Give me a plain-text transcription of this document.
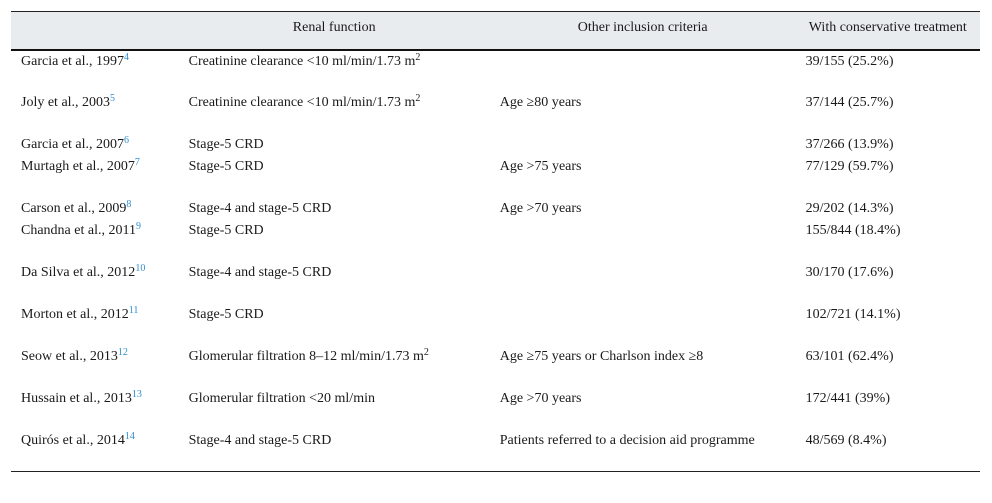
	Renal function	Other inclusion criteria	With conservative treatment
Garcia et al., 1997$^4$	Creatinine clearance <10 ml/min/1.73 $m^2$		39/155 (25.2%)
Joly et al., 2003$^5$	Creatinine clearance <10 ml/min/1.73 $m^2$	Age ≥80 years	37/144 (25.7%)
Garcia et al., 2007$^6$	Stage-5 CRD		37/266 (13.9%)
Murtagh et al., 2007$^7$	Stage-5 CRD	Age >75 years	77/129 (59.7%)
Carson et al., 2009$^8$	Stage-4 and stage-5 CRD	Age >70 years	29/202 (14.3%)
Chandna et al., 2011$^9$	Stage-5 CRD		155/844 (18.4%)
Da Silva et al., 2012$^{10}$	Stage-4 and stage-5 CRD		30/170 (17.6%)
Morton et al., 2012$^{11}$	Stage-5 CRD		102/721 (14.1%)
Seow et al., 2013$^{12}$	Glomerular filtration 8–12 ml/min/1.73 $m^2$	Age ≥75 years or Charlson index ≥8	63/101 (62.4%)
Hussain et al., 2013$^{13}$	Glomerular filtration <20 ml/min	Age >70 years	172/441 (39%)
Quirós et al., 2014$^{14}$	Stage-4 and stage-5 CRD	Patients referred to a decision aid programme	48/569 (8.4%)
